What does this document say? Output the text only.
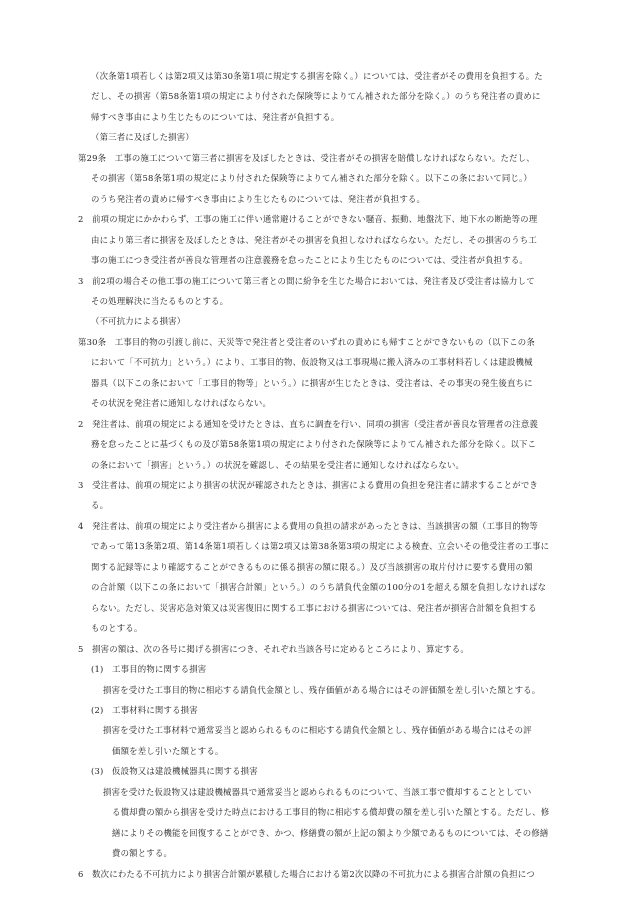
（次条第1項若しくは第2項又は第30条第1項に規定する損害を除く。）については、受注者がその費用を負担する。た
だし、その損害（第58条第1項の規定により付された保険等によりてん補された部分を除く。）のうち発注者の責めに
帰すべき事由により生じたものについては、発注者が負担する。
（第三者に及ぼした損害）
第29条　工事の施工について第三者に損害を及ぼしたときは、受注者がその損害を賠償しなければならない。ただし、
その損害（第58条第1項の規定により付された保険等によりてん補された部分を除く。以下この条において同じ。）
のうち発注者の責めに帰すべき事由により生じたものについては、発注者が負担する。
2　前項の規定にかかわらず、工事の施工に伴い通常避けることができない騒音、振動、地盤沈下、地下水の断絶等の理
由により第三者に損害を及ぼしたときは、発注者がその損害を負担しなければならない。ただし、その損害のうち工
事の施工につき受注者が善良な管理者の注意義務を怠ったことにより生じたものについては、受注者が負担する。
3　前2項の場合その他工事の施工について第三者との間に紛争を生じた場合においては、発注者及び受注者は協力して
その処理解決に当たるものとする。
（不可抗力による損害）
第30条　工事目的物の引渡し前に、天災等で発注者と受注者のいずれの責めにも帰すことができないもの（以下この条
において「不可抗力」という。）により、工事目的物、仮設物又は工事現場に搬入済みの工事材料若しくは建設機械
器具（以下この条において「工事目的物等」という。）に損害が生じたときは、受注者は、その事実の発生後直ちに
その状況を発注者に通知しなければならない。
2　発注者は、前項の規定による通知を受けたときは、直ちに調査を行い、同項の損害（受注者が善良な管理者の注意義
務を怠ったことに基づくもの及び第58条第1項の規定により付された保険等によりてん補された部分を除く。以下こ
の条において「損害」という。）の状況を確認し、その結果を受注者に通知しなければならない。
3　受注者は、前項の規定により損害の状況が確認されたときは、損害による費用の負担を発注者に請求することができ
る。
4　発注者は、前項の規定により受注者から損害による費用の負担の請求があったときは、当該損害の額（工事目的物等
であって第13条第2項、第14条第1項若しくは第2項又は第38条第3項の規定による検査、立会いその他受注者の工事に
関する記録等により確認することができるものに係る損害の額に限る。）及び当該損害の取片付けに要する費用の額
の合計額（以下この条において「損害合計額」という。）のうち請負代金額の100分の1を超える額を負担しなければな
らない。ただし、災害応急対策又は災害復旧に関する工事における損害については、発注者が損害合計額を負担する
ものとする。
5　損害の額は、次の各号に掲げる損害につき、それぞれ当該各号に定めるところにより、算定する。
(1)　工事目的物に関する損害
損害を受けた工事目的物に相応する請負代金額とし、残存価値がある場合にはその評価額を差し引いた額とする。
(2)　工事材料に関する損害
損害を受けた工事材料で通常妥当と認められるものに相応する請負代金額とし、残存価値がある場合にはその評
価額を差し引いた額とする。
(3)　仮設物又は建設機械器具に関する損害
損害を受けた仮設物又は建設機械器具で通常妥当と認められるものについて、当該工事で償却することとしてい
る償却費の額から損害を受けた時点における工事目的物に相応する償却費の額を差し引いた額とする。ただし、修
繕によりその機能を回復することができ、かつ、修繕費の額が上記の額より少額であるものについては、その修繕
費の額とする。
6　数次にわたる不可抗力により損害合計額が累積した場合における第2次以降の不可抗力による損害合計額の負担につ
